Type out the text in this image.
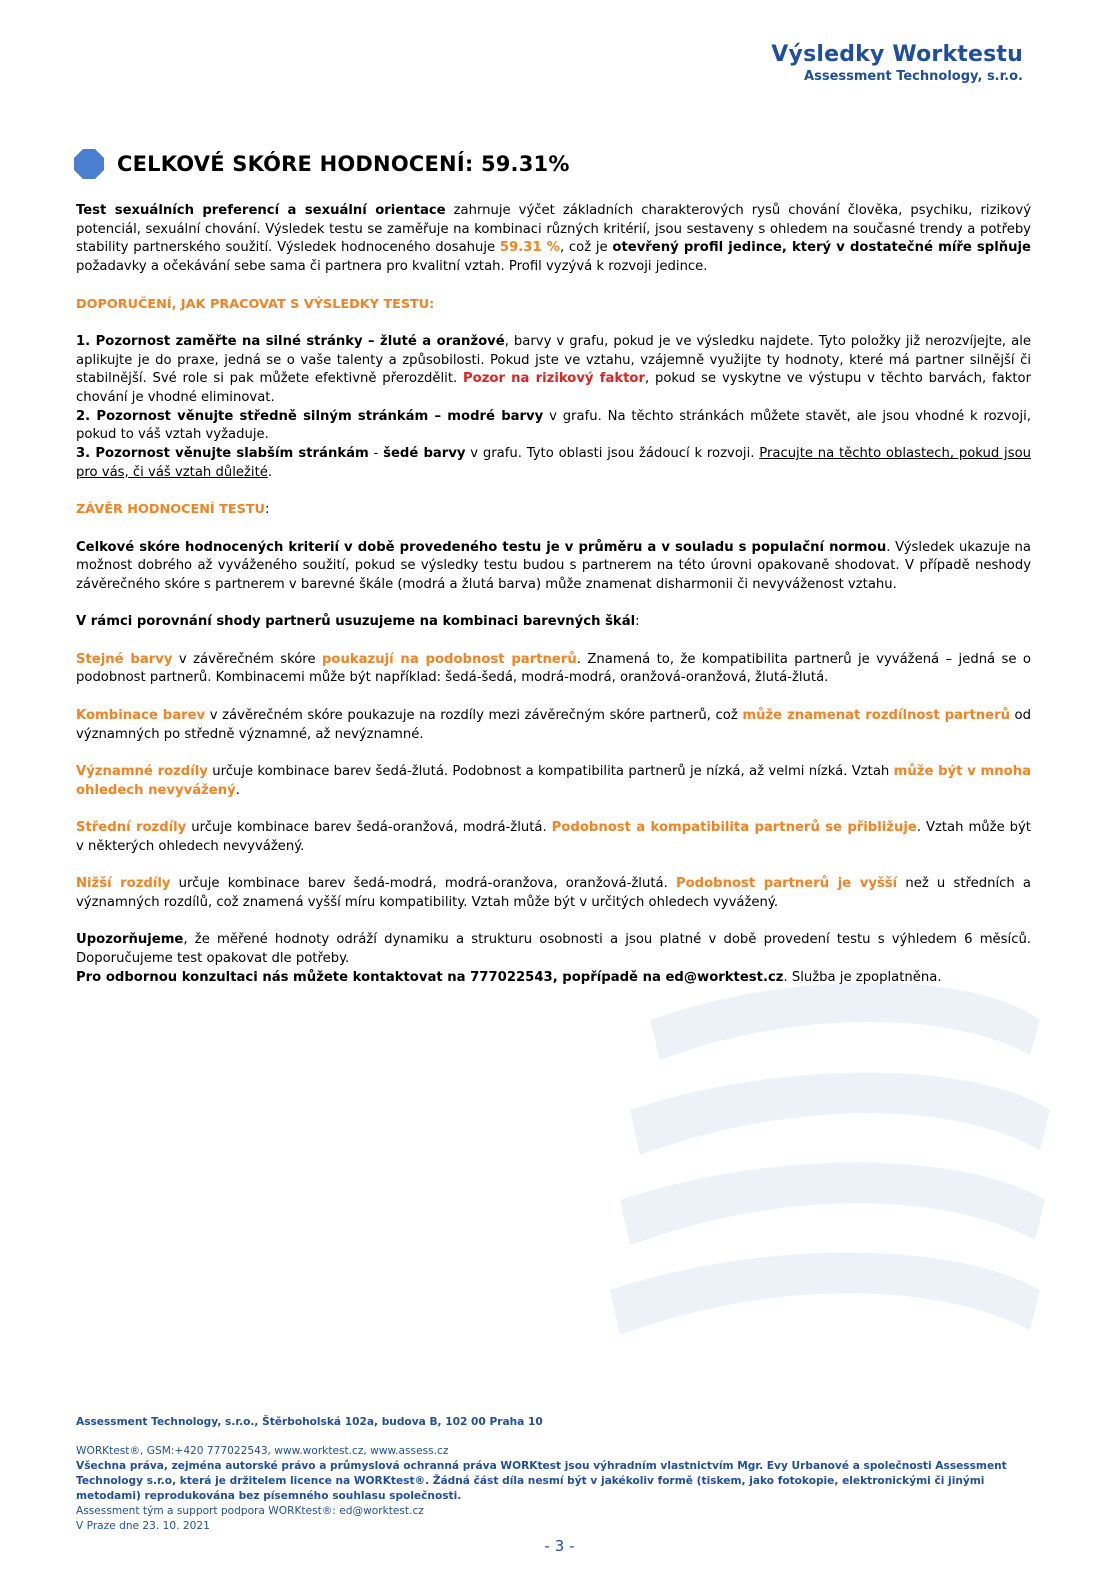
Výsledky Worktestu
Assessment Technology, s.r.o.
CELKOVÉ SKÓRE HODNOCENÍ: 59.31%

Test sexuálních preferencí a sexuální orientace zahrnuje výčet základních charakterových rysů chování člověka, psychiku, rizikový potenciál, sexuální chování. Výsledek testu se zaměřuje na kombinaci různých kritérií, jsou sestaveny s ohledem na současné trendy a potřeby stability partnerského soužití. Výsledek hodnoceného dosahuje 59.31 %, což je otevřený profil jedince, který v dostatečné míře splňuje požadavky a očekávání sebe sama či partnera pro kvalitní vztah. Profil vyzývá k rozvoji jedince.

DOPORUČENÍ, JAK PRACOVAT S VÝSLEDKY TESTU:

1. Pozornost zaměřte na silné stránky – žluté a oranžové, barvy v grafu, pokud je ve výsledku najdete. Tyto položky již nerozvíjejte, ale aplikujte je do praxe, jedná se o vaše talenty a způsobilosti. Pokud jste ve vztahu, vzájemně využijte ty hodnoty, které má partner silnější či stabilnější. Své role si pak můžete efektivně přerozdělit. Pozor na rizikový faktor, pokud se vyskytne ve výstupu v těchto barvách, faktor chování je vhodné eliminovat.

2. Pozornost věnujte středně silným stránkám – modré barvy v grafu. Na těchto stránkách můžete stavět, ale jsou vhodné k rozvoji, pokud to váš vztah vyžaduje.

3. Pozornost věnujte slabším stránkám - šedé barvy v grafu. Tyto oblasti jsou žádoucí k rozvoji. Pracujte na těchto oblastech, pokud jsou pro vás, či váš vztah důležité.

ZÁVĚR HODNOCENÍ TESTU:

Celkové skóre hodnocených kriterií v době provedeného testu je v průměru a v souladu s populační normou. Výsledek ukazuje na možnost dobrého až vyváženého soužití, pokud se výsledky testu budou s partnerem na této úrovni opakovaně shodovat. V případě neshody závěrečného skóre s partnerem v barevné škále (modrá a žlutá barva) může znamenat disharmonii či nevyváženost vztahu.

V rámci porovnání shody partnerů usuzujeme na kombinaci barevných škál:

Stejné barvy v závěrečném skóre poukazují na podobnost partnerů. Znamená to, že kompatibilita partnerů je vyvážená – jedná se o podobnost partnerů. Kombinacemi může být například: šedá-šedá, modrá-modrá, oranžová-oranžová, žlutá-žlutá.

Kombinace barev v závěrečném skóre poukazuje na rozdíly mezi závěrečným skóre partnerů, což může znamenat rozdílnost partnerů od významných po středně významné, až nevýznamné.

Významné rozdíly určuje kombinace barev šedá-žlutá. Podobnost a kompatibilita partnerů je nízká, až velmi nízká. Vztah může být v mnoha ohledech nevyvážený.

Střední rozdíly určuje kombinace barev šedá-oranžová, modrá-žlutá. Podobnost a kompatibilita partnerů se přibližuje. Vztah může být v některých ohledech nevyvážený.

Nižší rozdíly určuje kombinace barev šedá-modrá, modrá-oranžova, oranžová-žlutá. Podobnost partnerů je vyšší než u středních a významných rozdílů, což znamená vyšší míru kompatibility. Vztah může být v určitých ohledech vyvážený.

Upozorňujeme, že měřené hodnoty odráží dynamiku a strukturu osobnosti a jsou platné v době provedení testu s výhledem 6 měsíců. Doporučujeme test opakovat dle potřeby.

Pro odbornou konzultaci nás můžete kontaktovat na 777022543, popřípadě na ed@worktest.cz. Služba je zpoplatněna.

Assessment Technology, s.r.o., Štěrboholská 102a, budova B, 102 00 Praha 10
WORKtest®, GSM:+420 777022543, www.worktest.cz, www.assess.cz
Všechna práva, zejména autorské právo a průmyslová ochranná práva WORKtest jsou výhradním vlastnictvím Mgr. Evy Urbanové a společnosti Assessment Technology s.r.o, která je držitelem licence na WORKtest®. Žádná část díla nesmí být v jakékoliv formě (tiskem, jako fotokopie, elektronickými či jinými metodami) reprodukována bez písemného souhlasu společnosti.
Assessment tým a support podpora WORKtest®: ed@worktest.cz
V Praze dne 23. 10. 2021
- 3 -
